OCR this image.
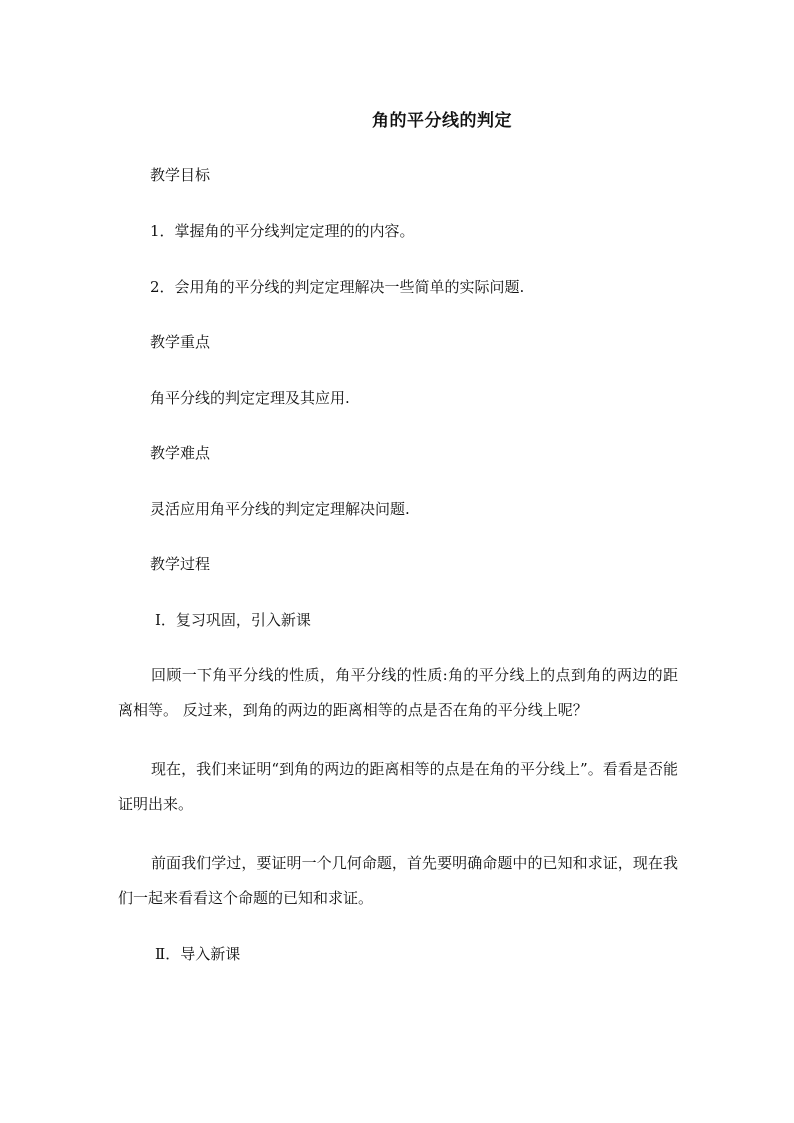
角的平分线的判定
教学目标
1．掌握角的平分线判定定理的的内容。
2．会用角的平分线的判定定理解决一些简单的实际问题.
教学重点
角平分线的判定定理及其应用.
教学难点
灵活应用角平分线的判定定理解决问题.
教学过程
Ⅰ．复习巩固，引入新课
回顾一下角平分线的性质，角平分线的性质:角的平分线上的点到角的两边的距离相等。 反过来，到角的两边的距离相等的点是否在角的平分线上呢？
现在，我们来证明“到角的两边的距离相等的点是在角的平分线上”。看看是否能证明出来。
前面我们学过，要证明一个几何命题，首先要明确命题中的已知和求证，现在我们一起来看看这个命题的已知和求证。
Ⅱ．导入新课
